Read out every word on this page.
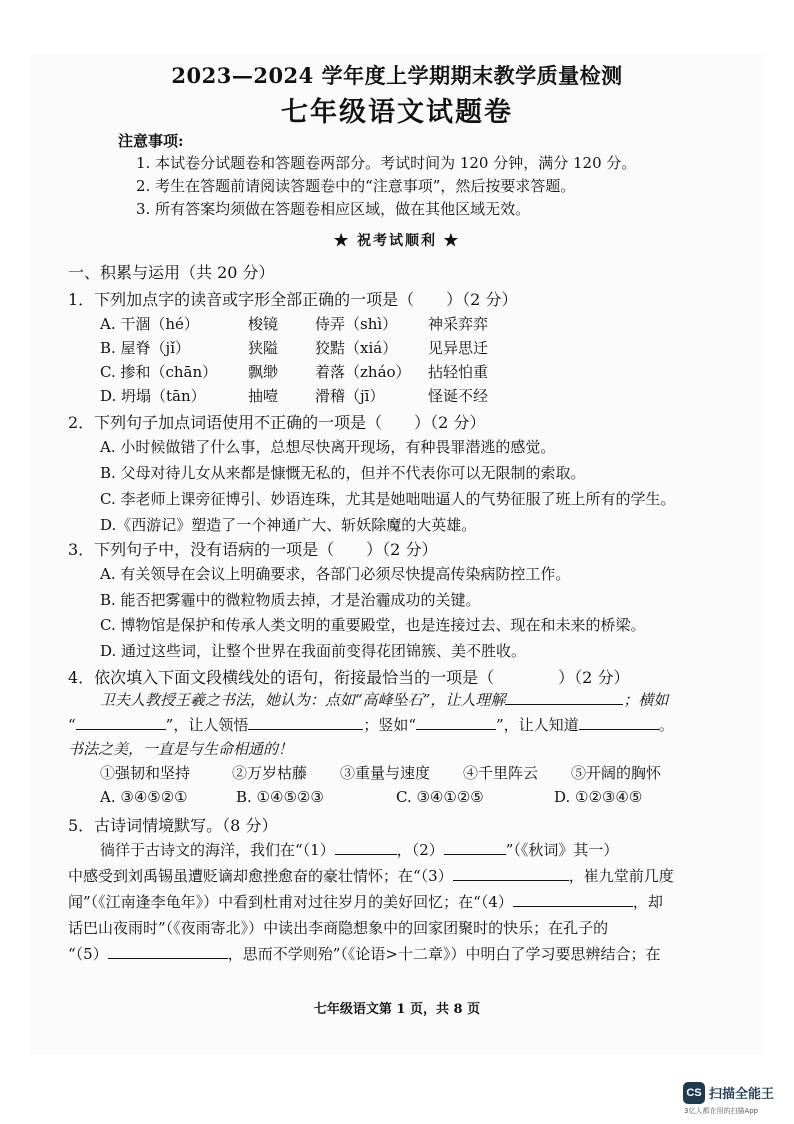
2023—2024 学年度上学期期末教学质量检测
七年级语文试题卷
注意事项:
1. 本试卷分试题卷和答题卷两部分。考试时间为 120 分钟，满分 120 分。
2. 考生在答题前请阅读答题卷中的“注意事项”，然后按要求答题。
3. 所有答案均须做在答题卷相应区域，做在其他区域无效。
★ 祝考试顺利 ★
一、积累与运用（共 20 分）
1．下列加点字的读音或字形全部正确的一项是（　　）（2 分）
A. 干涸（hé）	梭镜 侍弄（shì） 神采弈弈
B. 屋脊（jǐ）	狭隘 狡黠（xiá） 见异思迁
C. 掺和（chān） 飘缈 着落（zháo） 拈轻怕重
D. 坍塌（tān）	抽噎 滑稽（jī）	怪诞不经
2．下列句子加点词语使用不正确的一项是（　　）（2 分）
A. 小时候做错了什么事，总想尽快离开现场，有种畏罪潜逃的感觉。
B. 父母对待儿女从来都是慷慨无私的，但并不代表你可以无限制的索取。
C. 李老师上课旁征博引、妙语连珠，尤其是她咄咄逼人的气势征服了班上所有的学生。
D.《西游记》塑造了一个神通广大、斩妖除魔的大英雄。
3．下列句子中，没有语病的一项是（　　）（2 分）
A. 有关领导在会议上明确要求，各部门必须尽快提高传染病防控工作。
B. 能否把雾霾中的微粒物质去掉，才是治霾成功的关键。
C. 博物馆是保护和传承人类文明的重要殿堂，也是连接过去、现在和未来的桥梁。
D. 通过这些词，让整个世界在我面前变得花团锦簇、美不胜收。
4．依次填入下面文段横线处的语句，衔接最恰当的一项是（　　　　）（2 分）
卫夫人教授王羲之书法，她认为：点如“高峰坠石”，让人理解	；横如
“	”，让人领悟	；竖如“	”，让人知道	。
书法之美，一直是与生命相通的！
①强韧和坚持	②万岁枯藤 ③重量与速度 ④千里阵云 ⑤开阔的胸怀
A. ③④⑤②①	B. ①④⑤②③	C. ③④①②⑤	D. ①②③④⑤
5．古诗词情境默写。（8 分）
徜徉于古诗文的海洋，我们在“（1）	，（2）	”（《秋词》其一）
中感受到刘禹锡虽遭贬谪却愈挫愈奋的豪壮情怀；在“（3）	，崔九堂前几度
闻”（《江南逢李龟年》）中看到杜甫对过往岁月的美好回忆；在“（4）	，却
话巴山夜雨时”（《夜雨寄北》）中读出李商隐想象中的回家团聚时的快乐；在孔子的
“（5）	，思而不学则殆”（《论语>十二章》）中明白了学习要思辨结合；在
七年级语文第 1 页，共 8 页
CS 扫描全能王
3亿人都在用的扫描App
